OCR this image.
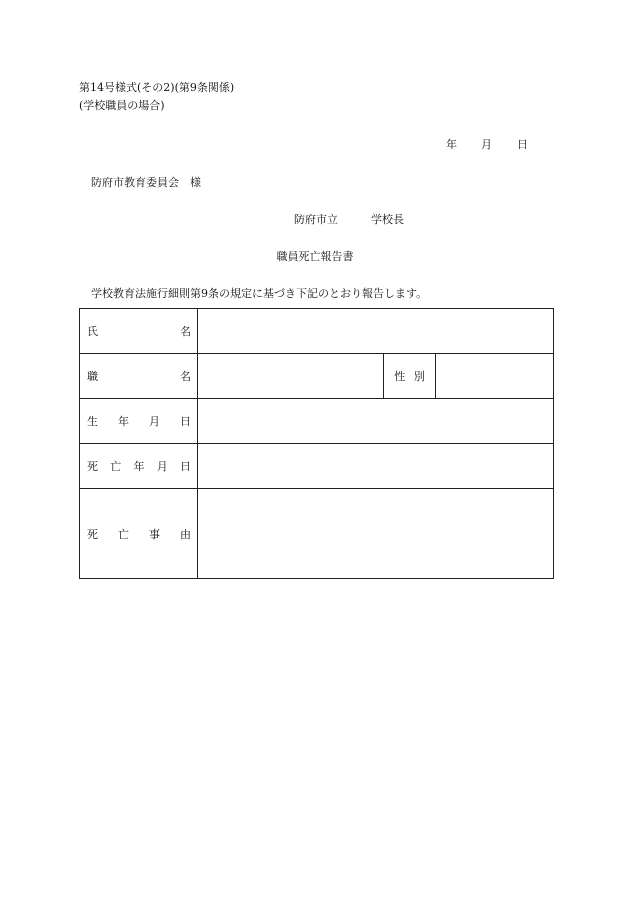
第14号様式(その2)(第9条関係)
(学校職員の場合)
年 月 日
防府市教育委員会　様
防府市立　　　学校長
職員死亡報告書
学校教育法施行細則第9条の規定に基づき下記のとおり報告します。
氏 名			

職 名		性 別	

生 年 月 日			

死 亡 年 月 日			

死 亡 事 由			
